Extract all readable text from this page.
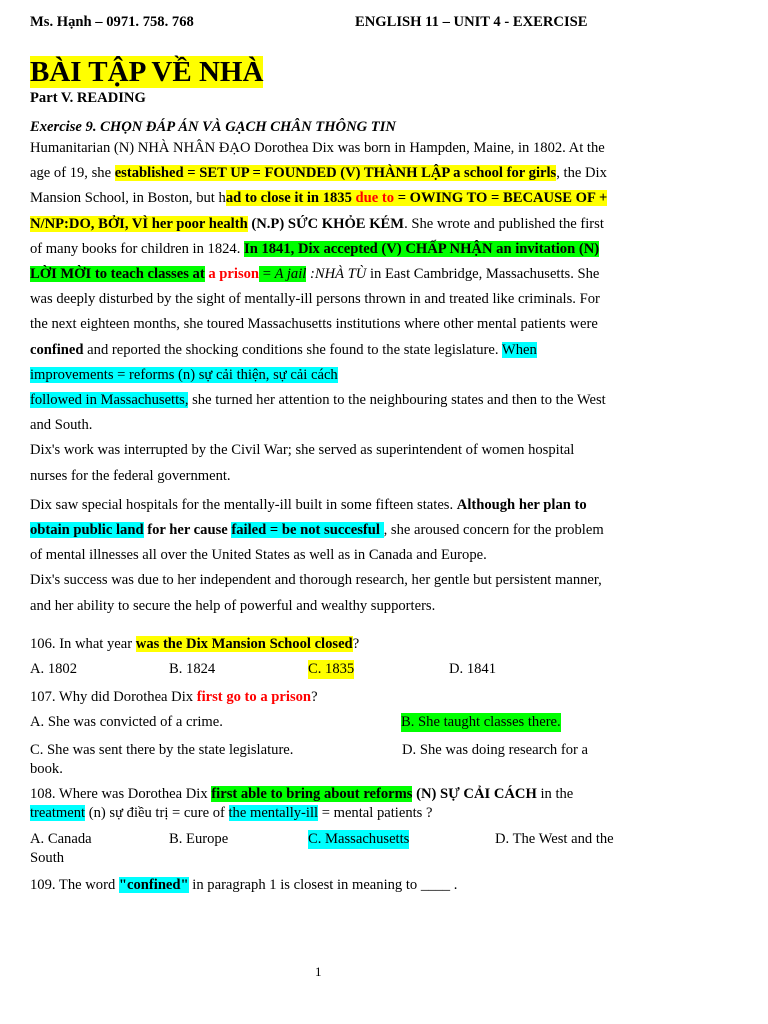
Ms. Hạnh – 0971. 758. 768	ENGLISH 11 – UNIT 4 - EXERCISE
BÀI TẬP VỀ NHÀ
Part V. READING
Exercise 9. CHỌN ĐÁP ÁN VÀ GẠCH CHÂN THÔNG TIN

Humanitarian (N) NHÀ NHÂN ĐẠO Dorothea Dix was born in Hampden, Maine, in 1802. At the age of 19, she established = SET UP = FOUNDED (V) THÀNH LẬP a school for girls, the Dix Mansion School, in Boston, but had to close it in 1835 due to = OWING TO = BECAUSE OF + N/NP:DO, BỞI, VÌ her poor health (N.P) SỨC KHỎE KÉM. She wrote and published the first of many books for children in 1824. In 1841, Dix accepted (V) CHẤP NHẬN an invitation (N) LỜI MỜI to teach classes at a prison = A jail :NHÀ TÙ in East Cambridge, Massachusetts. She was deeply disturbed by the sight of mentally-ill persons thrown in and treated like criminals. For the next eighteen months, she toured Massachusetts institutions where other mental patients were confined and reported the shocking conditions she found to the state legislature. When improvements = reforms (n) sự cải thiện, sự cải cách
followed in Massachusetts, she turned her attention to the neighbouring states and then to the West and South.
Dix's work was interrupted by the Civil War; she served as superintendent of women hospital nurses for the federal government.

Dix saw special hospitals for the mentally-ill built in some fifteen states. Although her plan to obtain public land for her cause failed = be not succesful , she aroused concern for the problem of mental illnesses all over the United States as well as in Canada and Europe.
Dix's success was due to her independent and thorough research, her gentle but persistent manner, and her ability to secure the help of powerful and wealthy supporters.

106. In what year was the Dix Mansion School closed?
A. 1802	B. 1824	C. 1835	D. 1841
107. Why did Dorothea Dix first go to a prison?
A. She was convicted of a crime.	B. She taught classes there.
C. She was sent there by the state legislature.	D. She was doing research for a book.
108. Where was Dorothea Dix first able to bring about reforms (N) SỰ CẢI CÁCH in the treatment (n) sự điều trị = cure of the mentally-ill = mental patients ?
A. Canada	B. Europe	C. Massachusetts	D. The West and the South
109. The word "confined" in paragraph 1 is closest in meaning to ____ .
1
